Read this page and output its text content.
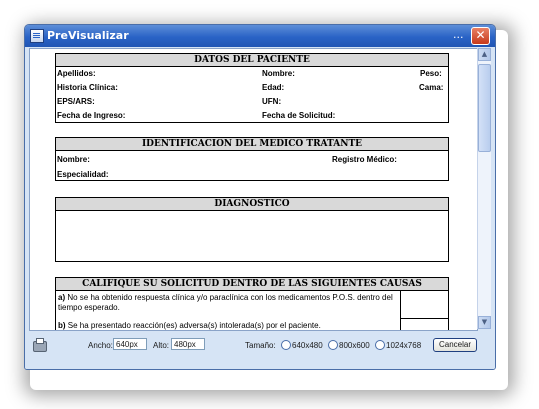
PreVisualizar	... ✕
DATOS DEL PACIENTE
Apellidos:	Nombre:	Peso:
Historia Clínica:	Edad:	Cama:
EPS/ARS:	UFN:
Fecha de Ingreso:	Fecha de Solicitud:
IDENTIFICACION DEL MEDICO TRATANTE
Nombre:	Registro Médico:
Especialidad:
DIAGNOSTICO
CALIFIQUE SU SOLICITUD DENTRO DE LAS SIGUIENTES CAUSAS
a) No se ha obtenido respuesta clínica y/o paraclínica con los medicamentos P.O.S. dentro del tiempo esperado.
b) Se ha presentado reacción(es) adversa(s) intolerada(s) por el paciente.
▲
▼
Ancho: 640px	Alto: 480px	Tamaño: 640x480 800x600 1024x768	Cancelar
